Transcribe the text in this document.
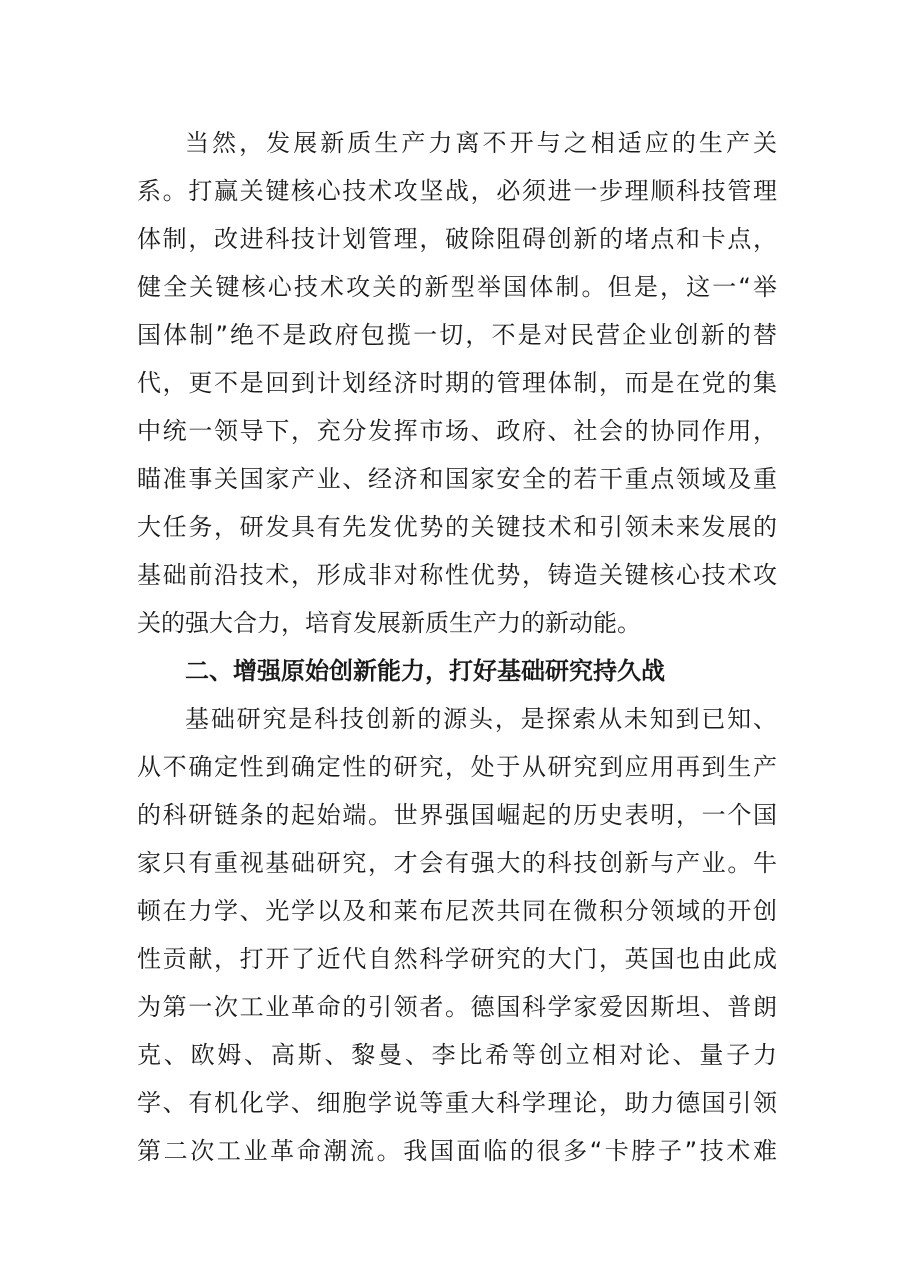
当然，发展新质生产力离不开与之相适应的生产关
系。打赢关键核心技术攻坚战，必须进一步理顺科技管理
体制，改进科技计划管理，破除阻碍创新的堵点和卡点，
健全关键核心技术攻关的新型举国体制。但是，这一“举
国体制”绝不是政府包揽一切，不是对民营企业创新的替
代，更不是回到计划经济时期的管理体制，而是在党的集
中统一领导下，充分发挥市场、政府、社会的协同作用，
瞄准事关国家产业、经济和国家安全的若干重点领域及重
大任务，研发具有先发优势的关键技术和引领未来发展的
基础前沿技术，形成非对称性优势，铸造关键核心技术攻
关的强大合力，培育发展新质生产力的新动能。
二、增强原始创新能力，打好基础研究持久战
基础研究是科技创新的源头，是探索从未知到已知、
从不确定性到确定性的研究，处于从研究到应用再到生产
的科研链条的起始端。世界强国崛起的历史表明，一个国
家只有重视基础研究，才会有强大的科技创新与产业。牛
顿在力学、光学以及和莱布尼茨共同在微积分领域的开创
性贡献，打开了近代自然科学研究的大门，英国也由此成
为第一次工业革命的引领者。德国科学家爱因斯坦、普朗
克、欧姆、高斯、黎曼、李比希等创立相对论、量子力
学、有机化学、细胞学说等重大科学理论，助力德国引领
第二次工业革命潮流。我国面临的很多“卡脖子”技术难
